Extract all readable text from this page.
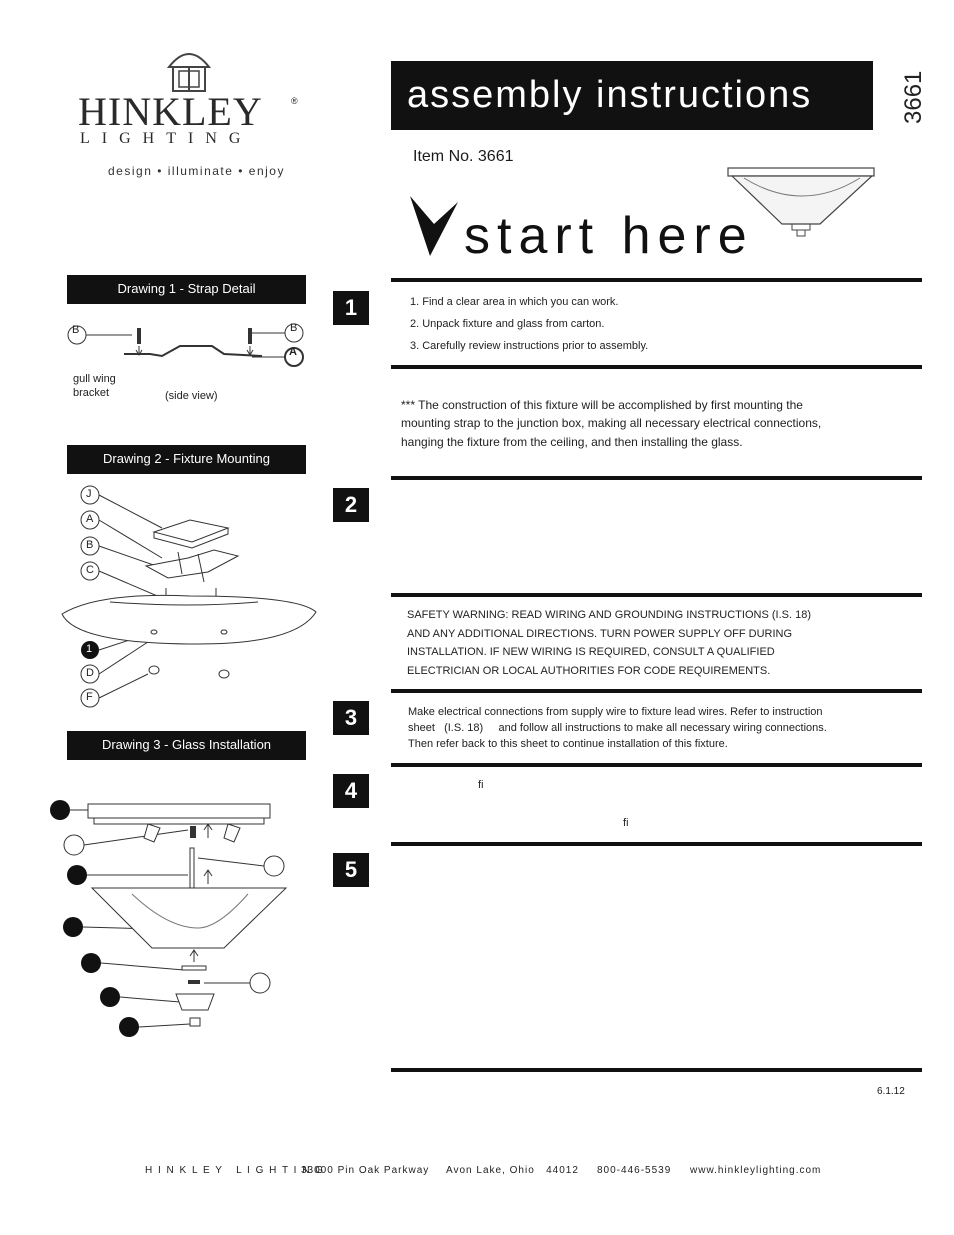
HINKLEY	®
LIGHTING
design • illuminate • enjoy
assembly instructions	3661
Item No. 3661
start here
Drawing 1 - Strap Detail
B	B
A
gull wing
bracket	(side view)
Drawing 2 - Fixture Mounting
J
A
B
C
1
D
F
Drawing 3 - Glass Installation
1	1. Find a clear area in which you can work.
2. Unpack fixture and glass from carton.
3. Carefully review instructions prior to assembly.
*** The construction of this fixture will be accomplished by first mounting the
mounting strap to the junction box, making all necessary electrical connections,
hanging the fixture from the ceiling, and then installing the glass.
2
SAFETY WARNING: READ WIRING AND GROUNDING INSTRUCTIONS (I.S. 18)
AND ANY ADDITIONAL DIRECTIONS. TURN POWER SUPPLY OFF DURING
INSTALLATION. IF NEW WIRING IS REQUIRED, CONSULT A QUALIFIED
ELECTRICIAN OR LOCAL AUTHORITIES FOR CODE REQUIREMENTS.
3	Make electrical connections from supply wire to fixture lead wires. Refer to instruction
sheet   (I.S. 18)     and follow all instructions to make all necessary wiring connections.
Then refer back to this sheet to continue installation of this fixture.
4	ﬁ
ﬁ
5
6.1.12
H I N K L E Y   L I G H T I N G
33000 Pin Oak Parkway Avon Lake, Ohio   44012 800-446-5539 www.hinkleylighting.com
